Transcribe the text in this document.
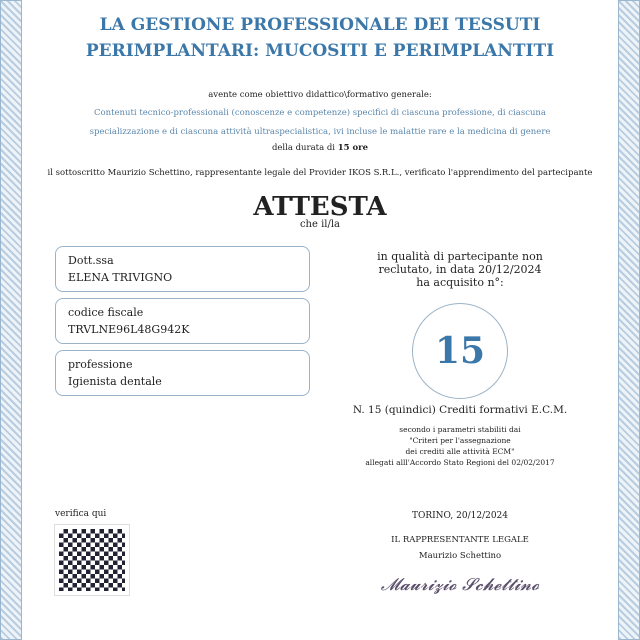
LA GESTIONE PROFESSIONALE DEI TESSUTI PERIMPLANTARI: MUCOSITI E PERIMPLANTITI
avente come obiettivo didattico\formativo generale:
Contenuti tecnico-professionali (conoscenze e competenze) specifici di ciascuna professione, di ciascuna
specializzazione e di ciascuna attività ultraspecialistica, ivi incluse le malattie rare e la medicina di genere
della durata di 15 ore
il sottoscritto Maurizio Schettino, rappresentante legale del Provider IKOS S.R.L., verificato l'apprendimento del partecipante
ATTESTA
che il/la
Dott.ssa
ELENA TRIVIGNO
codice fiscale
TRVLNE96L48G942K
professione
Igienista dentale
in qualità di partecipante non reclutato, in data 20/12/2024 ha acquisito n°:
15
N. 15 (quindici) Crediti formativi E.C.M.
secondo i parametri stabiliti dai "Criteri per l'assegnazione
dei crediti alle attività ECM"
allegati alll'Accordo Stato Regioni del 02/02/2017
verifica qui	TORINO, 20/12/2024
IL RAPPRESENTANTE LEGALE
Maurizio Schettino
𝓜𝓪𝓾𝓻𝓲𝔃𝓲𝓸 𝓢𝓬𝓱𝓮𝓽𝓽𝓲𝓷𝓸
